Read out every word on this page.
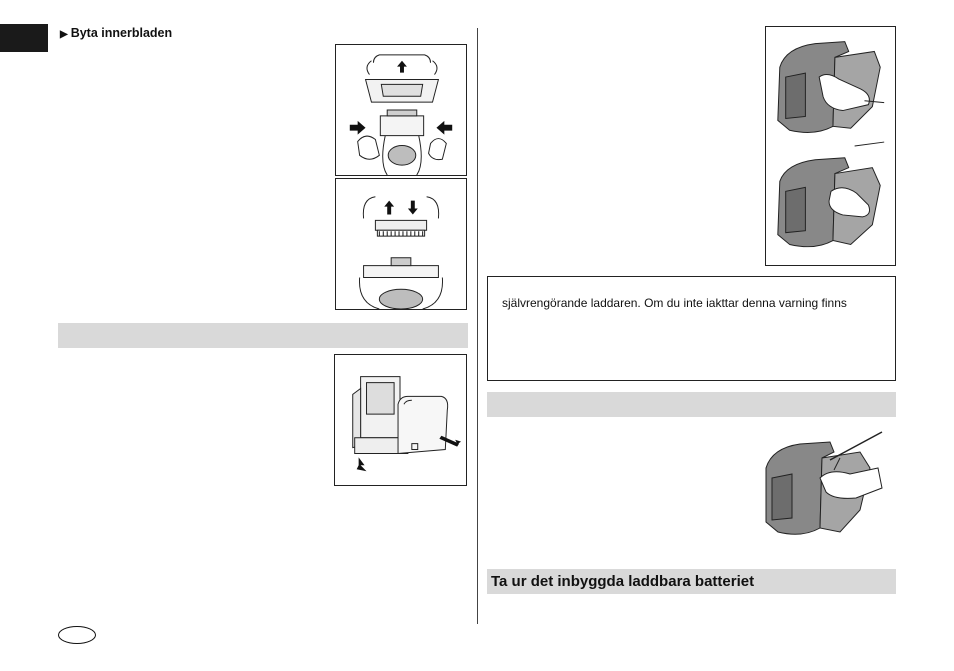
▶ Byta innerbladen
självrengörande laddaren. Om du inte iakttar denna varning finns
Ta ur det inbyggda laddbara batteriet
